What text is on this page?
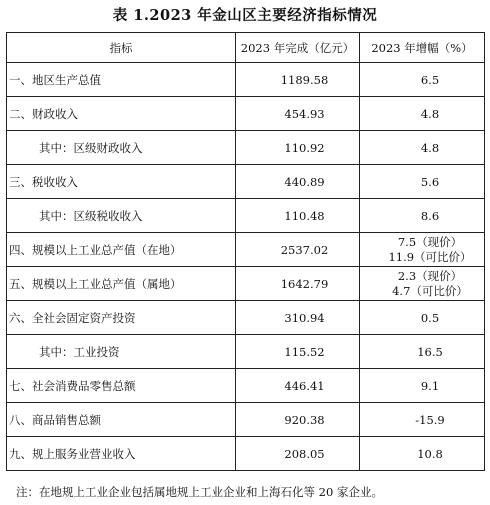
表 1.2023 年金山区主要经济指标情况
指标	2023 年完成（亿元）	2023 年增幅（%）
一、地区生产总值	1189.58	6.5
二、财政收入	454.93	4.8
其中：区级财政收入	110.92	4.8
三、税收收入	440.89	5.6
其中：区级税收收入	110.48	8.6
四、规模以上工业总产值（在地）	2537.02	7.5（现价）
11.9（可比价）

五、规模以上工业总产值（属地）	1642.79	2.3（现价）
4.7（可比价）

六、全社会固定资产投资	310.94	0.5
其中：工业投资	115.52	16.5
七、社会消费品零售总额	446.41	9.1
八、商品销售总额	920.38	-15.9
九、规上服务业营业收入	208.05	10.8
注：在地规上工业企业包括属地规上工业企业和上海石化等 20 家企业。
